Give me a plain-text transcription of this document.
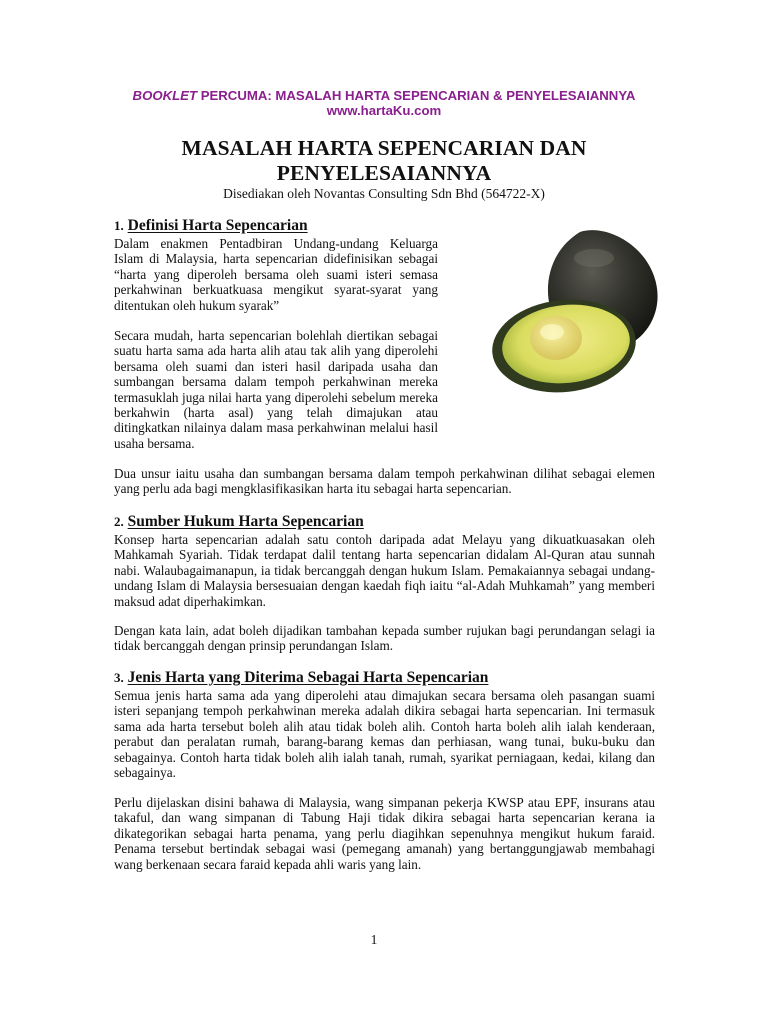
BOOKLET PERCUMA: MASALAH HARTA SEPENCARIAN & PENYELESAIANNYA
www.hartaKu.com
MASALAH HARTA SEPENCARIAN DAN
PENYELESAIANNYA
Disediakan oleh Novantas Consulting Sdn Bhd (564722-X)
1. Definisi Harta Sepencarian

Dalam enakmen Pentadbiran Undang-undang Keluarga Islam di Malaysia, harta sepencarian didefinisikan sebagai “harta yang diperoleh bersama oleh suami isteri semasa perkahwinan berkuatkuasa mengikut syarat-syarat yang ditentukan oleh hukum syarak”

Secara mudah, harta sepencarian bolehlah diertikan sebagai suatu harta sama ada harta alih atau tak alih yang diperolehi bersama oleh suami dan isteri hasil daripada usaha dan sumbangan bersama dalam tempoh perkahwinan mereka termasuklah juga nilai harta yang diperolehi sebelum mereka berkahwin (harta asal) yang telah dimajukan atau ditingkatkan nilainya dalam masa perkahwinan melalui hasil usaha bersama.

Dua unsur iaitu usaha dan sumbangan bersama dalam tempoh perkahwinan dilihat sebagai elemen yang perlu ada bagi mengklasifikasikan harta itu sebagai harta sepencarian.

2. Sumber Hukum Harta Sepencarian

Konsep harta sepencarian adalah satu contoh daripada adat Melayu yang dikuatkuasakan oleh Mahkamah Syariah. Tidak terdapat dalil tentang harta sepencarian didalam Al-Quran atau sunnah nabi. Walaubagaimanapun, ia tidak bercanggah dengan hukum Islam. Pemakaiannya sebagai undang-undang Islam di Malaysia bersesuaian dengan kaedah fiqh iaitu “al-Adah Muhkamah” yang memberi maksud adat diperhakimkan.

Dengan kata lain, adat boleh dijadikan tambahan kepada sumber rujukan bagi perundangan selagi ia tidak bercanggah dengan prinsip perundangan Islam.

3. Jenis Harta yang Diterima Sebagai Harta Sepencarian

Semua jenis harta sama ada yang diperolehi atau dimajukan secara bersama oleh pasangan suami isteri sepanjang tempoh perkahwinan mereka adalah dikira sebagai harta sepencarian. Ini termasuk sama ada harta tersebut boleh alih atau tidak boleh alih. Contoh harta boleh alih ialah kenderaan, perabut dan peralatan rumah, barang-barang kemas dan perhiasan, wang tunai, buku-buku dan sebagainya. Contoh harta tidak boleh alih ialah tanah, rumah, syarikat perniagaan, kedai, kilang dan sebagainya.

Perlu dijelaskan disini bahawa di Malaysia, wang simpanan pekerja KWSP atau EPF, insurans atau takaful, dan wang simpanan di Tabung Haji tidak dikira sebagai harta sepencarian kerana ia dikategorikan sebagai harta penama, yang perlu diagihkan sepenuhnya mengikut hukum faraid. Penama tersebut bertindak sebagai wasi (pemegang amanah) yang bertanggungjawab membahagi wang berkenaan secara faraid kepada ahli waris yang lain.

1
